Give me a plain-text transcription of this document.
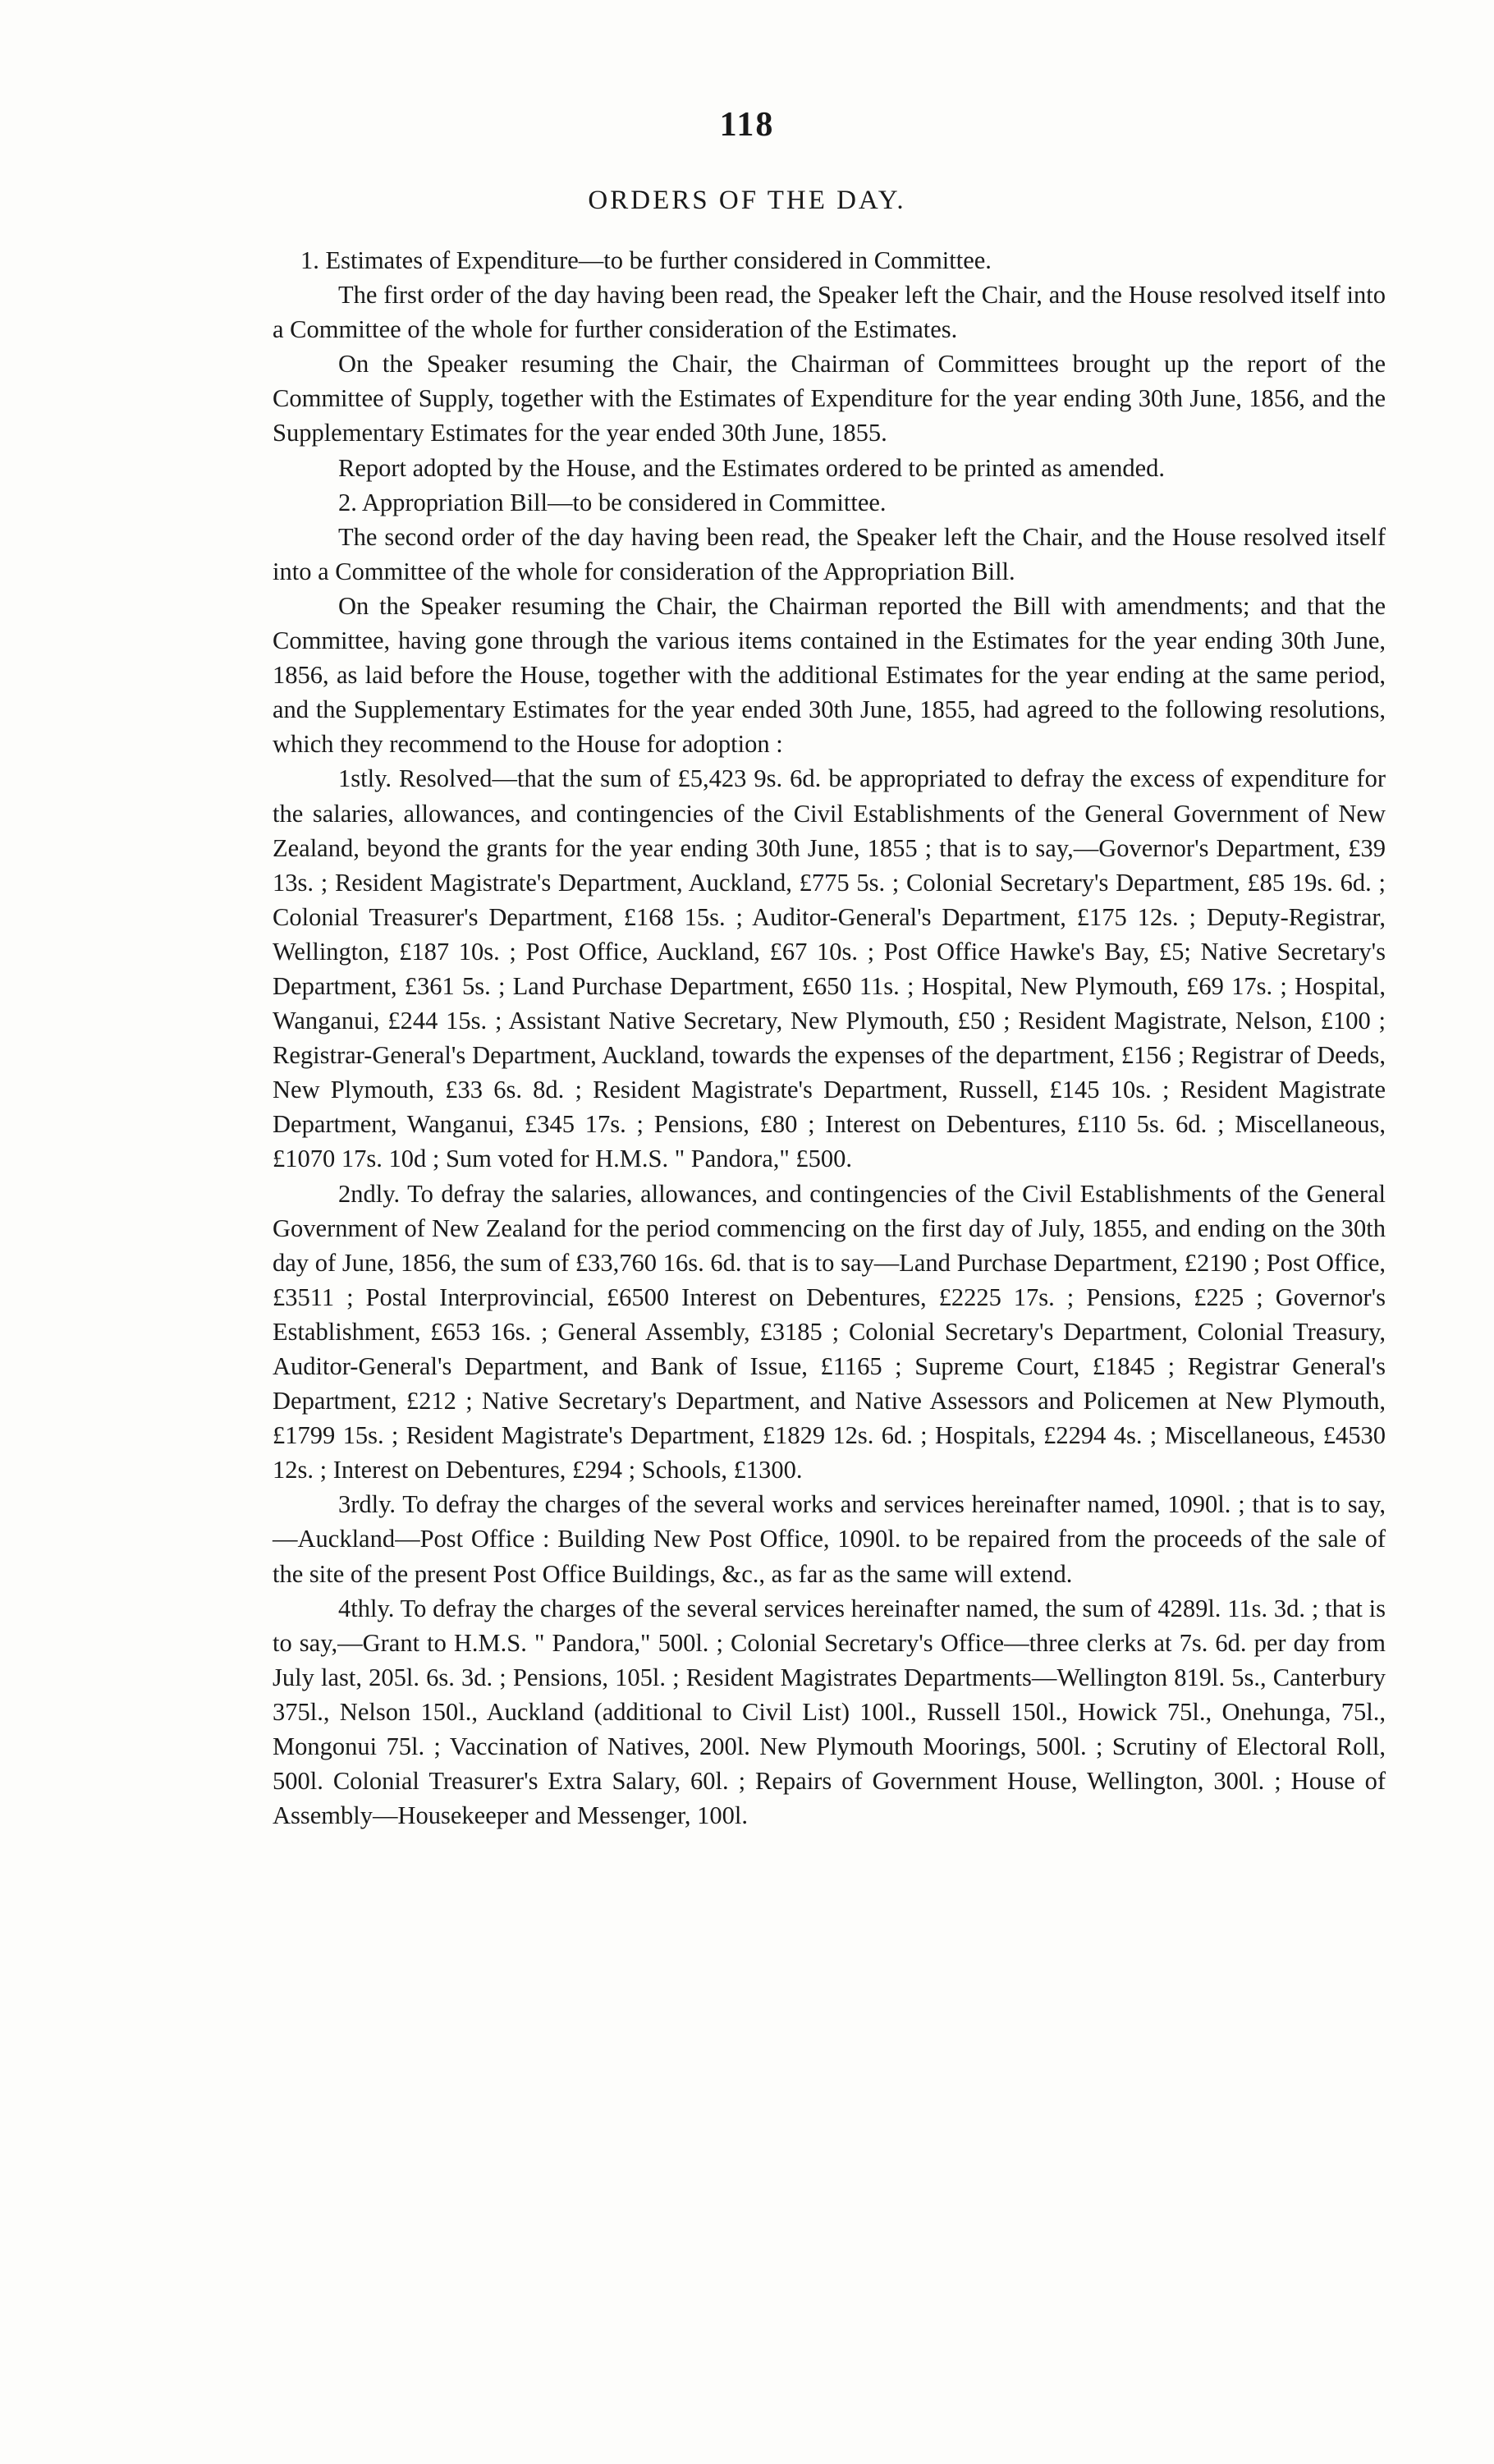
118
ORDERS OF THE DAY.

1. Estimates of Expenditure—to be further considered in Committee.

The first order of the day having been read, the Speaker left the Chair, and the House resolved itself into a Committee of the whole for further consideration of the Estimates.

On the Speaker resuming the Chair, the Chairman of Committees brought up the report of the Committee of Supply, together with the Estimates of Expenditure for the year ending 30th June, 1856, and the Supplementary Estimates for the year ended 30th June, 1855.

Report adopted by the House, and the Estimates ordered to be printed as amended.

2. Appropriation Bill—to be considered in Committee.

The second order of the day having been read, the Speaker left the Chair, and the House resolved itself into a Committee of the whole for consideration of the Appropriation Bill.

On the Speaker resuming the Chair, the Chairman reported the Bill with amendments; and that the Committee, having gone through the various items contained in the Estimates for the year ending 30th June, 1856, as laid before the House, together with the additional Estimates for the year ending at the same period, and the Supplementary Estimates for the year ended 30th June, 1855, had agreed to the following resolutions, which they recommend to the House for adoption :

1stly. Resolved—that the sum of £5,423 9s. 6d. be appropriated to defray the excess of expenditure for the salaries, allowances, and contingencies of the Civil Establishments of the General Government of New Zealand, beyond the grants for the year ending 30th June, 1855 ; that is to say,—Governor's Department, £39 13s. ; Resident Magistrate's Department, Auckland, £775 5s. ; Colonial Secretary's Department, £85 19s. 6d. ; Colonial Treasurer's Department, £168 15s. ; Auditor-General's Department, £175 12s. ; Deputy-Registrar, Wellington, £187 10s. ; Post Office, Auckland, £67 10s. ; Post Office Hawke's Bay, £5; Native Secretary's Department, £361 5s. ; Land Purchase Department, £650 11s. ; Hospital, New Plymouth, £69 17s. ; Hospital, Wanganui, £244 15s. ; Assistant Native Secretary, New Plymouth, £50 ; Resident Magistrate, Nelson, £100 ; Registrar-General's Department, Auckland, towards the expenses of the department, £156 ; Registrar of Deeds, New Plymouth, £33 6s. 8d. ; Resident Magistrate's Department, Russell, £145 10s. ; Resident Magistrate Department, Wanganui, £345 17s. ; Pensions, £80 ; Interest on Debentures, £110 5s. 6d. ; Miscellaneous, £1070 17s. 10d ; Sum voted for H.M.S. " Pandora," £500.

2ndly. To defray the salaries, allowances, and contingencies of the Civil Establishments of the General Government of New Zealand for the period commencing on the first day of July, 1855, and ending on the 30th day of June, 1856, the sum of £33,760 16s. 6d. that is to say—Land Purchase Department, £2190 ; Post Office, £3511 ; Postal Interprovincial, £6500 Interest on Debentures, £2225 17s. ; Pensions, £225 ; Governor's Establishment, £653 16s. ; General Assembly, £3185 ; Colonial Secretary's Department, Colonial Treasury, Auditor-General's Department, and Bank of Issue, £1165 ; Supreme Court, £1845 ; Registrar General's Department, £212 ; Native Secretary's Department, and Native Assessors and Policemen at New Plymouth, £1799 15s. ; Resident Magistrate's Department, £1829 12s. 6d. ; Hospitals, £2294 4s. ; Miscellaneous, £4530 12s. ; Interest on Debentures, £294 ; Schools, £1300.

3rdly. To defray the charges of the several works and services hereinafter named, 1090l. ; that is to say,—Auckland—Post Office : Building New Post Office, 1090l. to be repaired from the proceeds of the sale of the site of the present Post Office Buildings, &c., as far as the same will extend.

4thly. To defray the charges of the several services hereinafter named, the sum of 4289l. 11s. 3d. ; that is to say,—Grant to H.M.S. " Pandora," 500l. ; Colonial Secretary's Office—three clerks at 7s. 6d. per day from July last, 205l. 6s. 3d. ; Pensions, 105l. ; Resident Magistrates Departments—Wellington 819l. 5s., Canterbury 375l., Nelson 150l., Auckland (additional to Civil List) 100l., Russell 150l., Howick 75l., Onehunga, 75l., Mongonui 75l. ; Vaccination of Natives, 200l. New Plymouth Moorings, 500l. ; Scrutiny of Electoral Roll, 500l. Colonial Treasurer's Extra Salary, 60l. ; Repairs of Government House, Wellington, 300l. ; House of Assembly—Housekeeper and Messenger, 100l.
